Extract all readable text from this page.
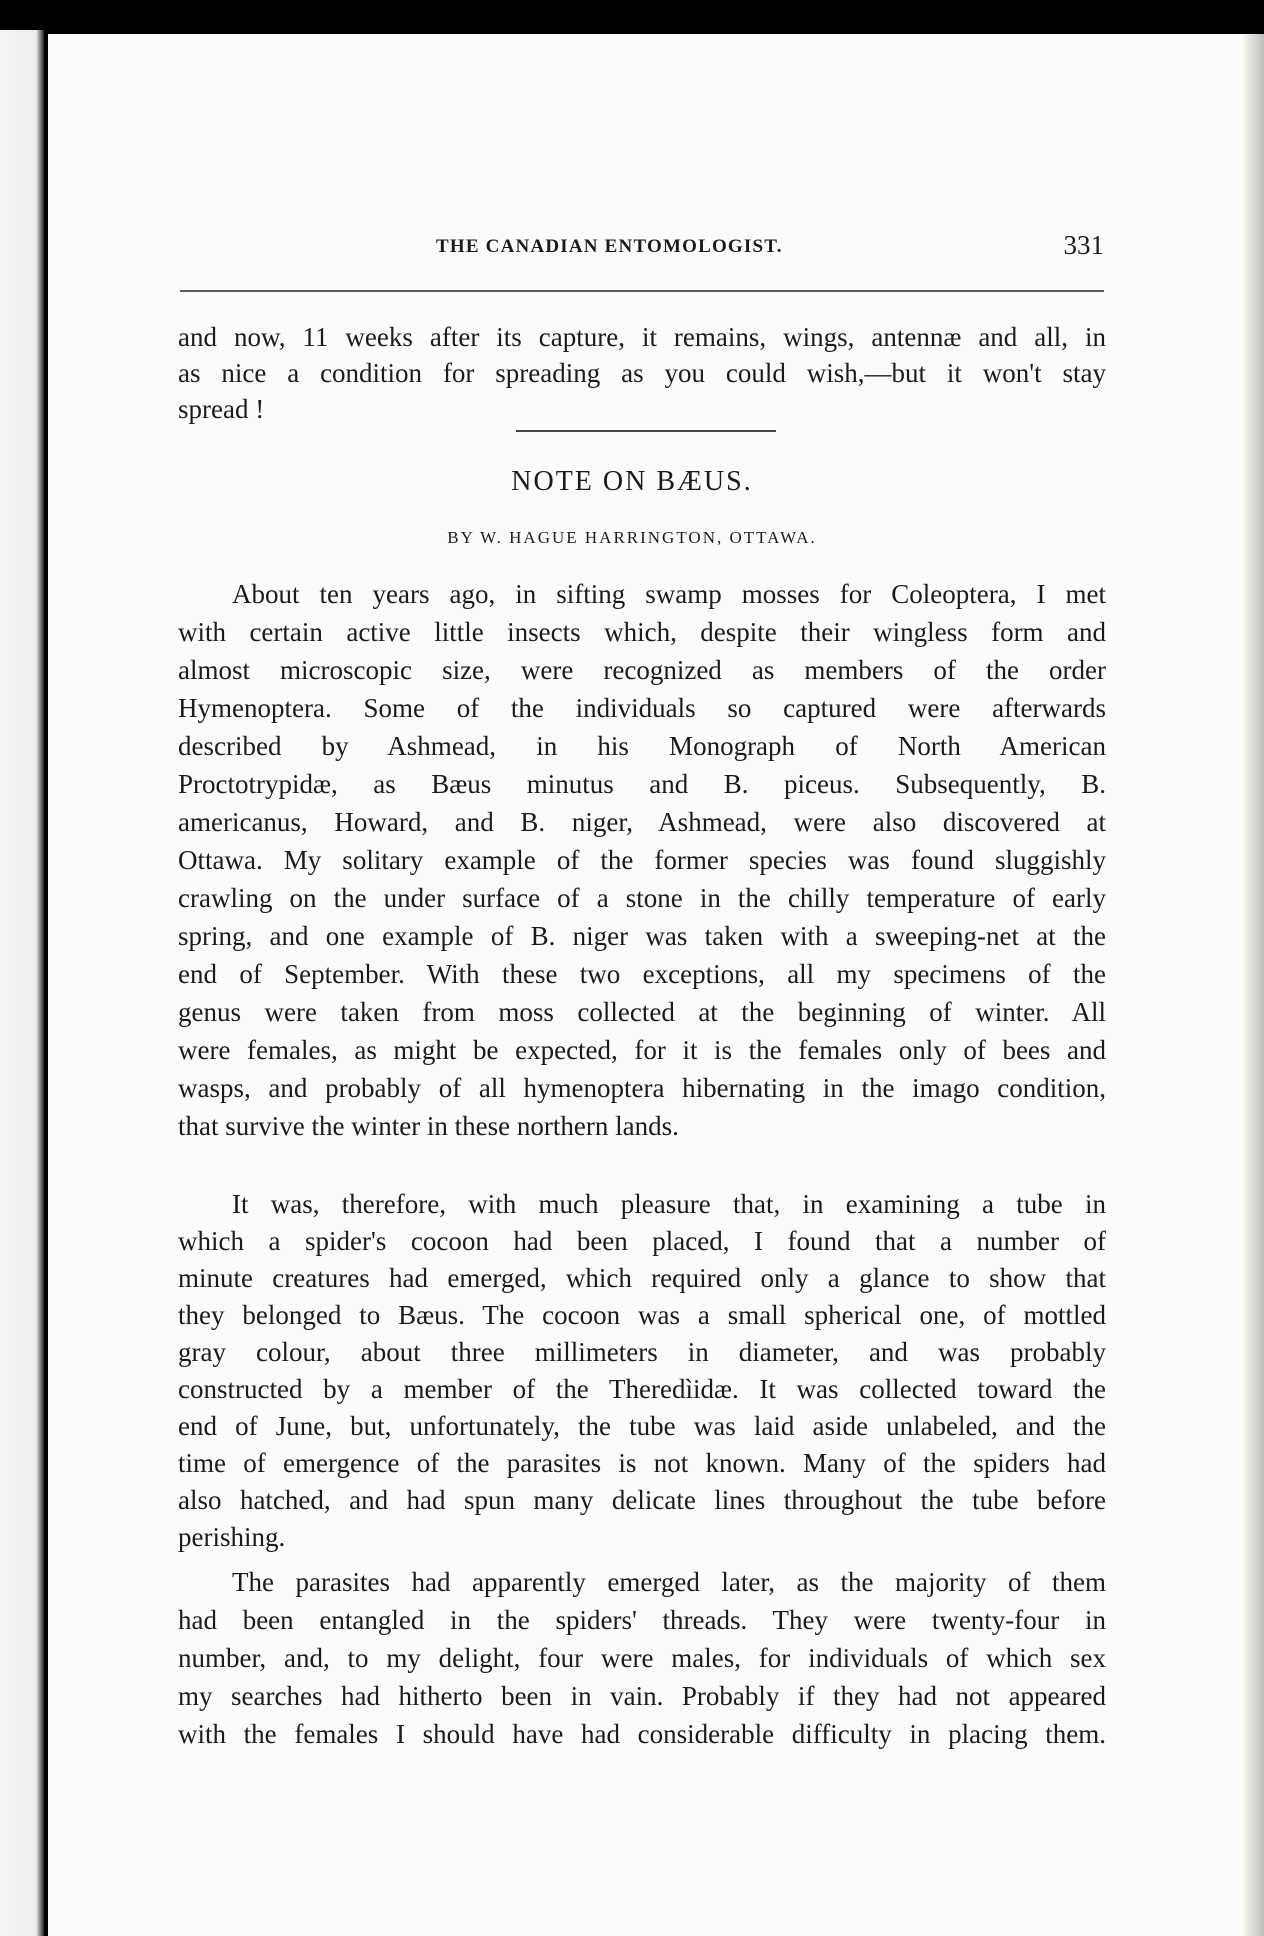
THE CANADIAN ENTOMOLOGIST.	331
and now, 11 weeks after its capture, it remains, wings, antennæ and all, in
as nice a condition for spreading as you could wish,—but it won't stay
spread !
NOTE ON BÆUS.
BY W. HAGUE HARRINGTON, OTTAWA.
About ten years ago, in sifting swamp mosses for Coleoptera, I met
with certain active little insects which, despite their wingless form and
almost microscopic size, were recognized as members of the order
Hymenoptera. Some of the individuals so captured were afterwards
described by Ashmead, in his Monograph of North American
Proctotrypidæ, as Bæus minutus and B. piceus. Subsequently, B.
americanus, Howard, and B. niger, Ashmead, were also discovered at
Ottawa. My solitary example of the former species was found sluggishly
crawling on the under surface of a stone in the chilly temperature of early
spring, and one example of B. niger was taken with a sweeping-net at the
end of September. With these two exceptions, all my specimens of the
genus were taken from moss collected at the beginning of winter. All
were females, as might be expected, for it is the females only of bees and
wasps, and probably of all hymenoptera hibernating in the imago condition,
that survive the winter in these northern lands.
It was, therefore, with much pleasure that, in examining a tube in
which a spider's cocoon had been placed, I found that a number of
minute creatures had emerged, which required only a glance to show that
they belonged to Bæus. The cocoon was a small spherical one, of mottled
gray colour, about three millimeters in diameter, and was probably
constructed by a member of the Theredìidæ. It was collected toward the
end of June, but, unfortunately, the tube was laid aside unlabeled, and the
time of emergence of the parasites is not known. Many of the spiders had
also hatched, and had spun many delicate lines throughout the tube before
perishing.
The parasites had apparently emerged later, as the majority of them
had been entangled in the spiders' threads. They were twenty-four in
number, and, to my delight, four were males, for individuals of which sex
my searches had hitherto been in vain. Probably if they had not appeared
with the females I should have had considerable difficulty in placing them.
